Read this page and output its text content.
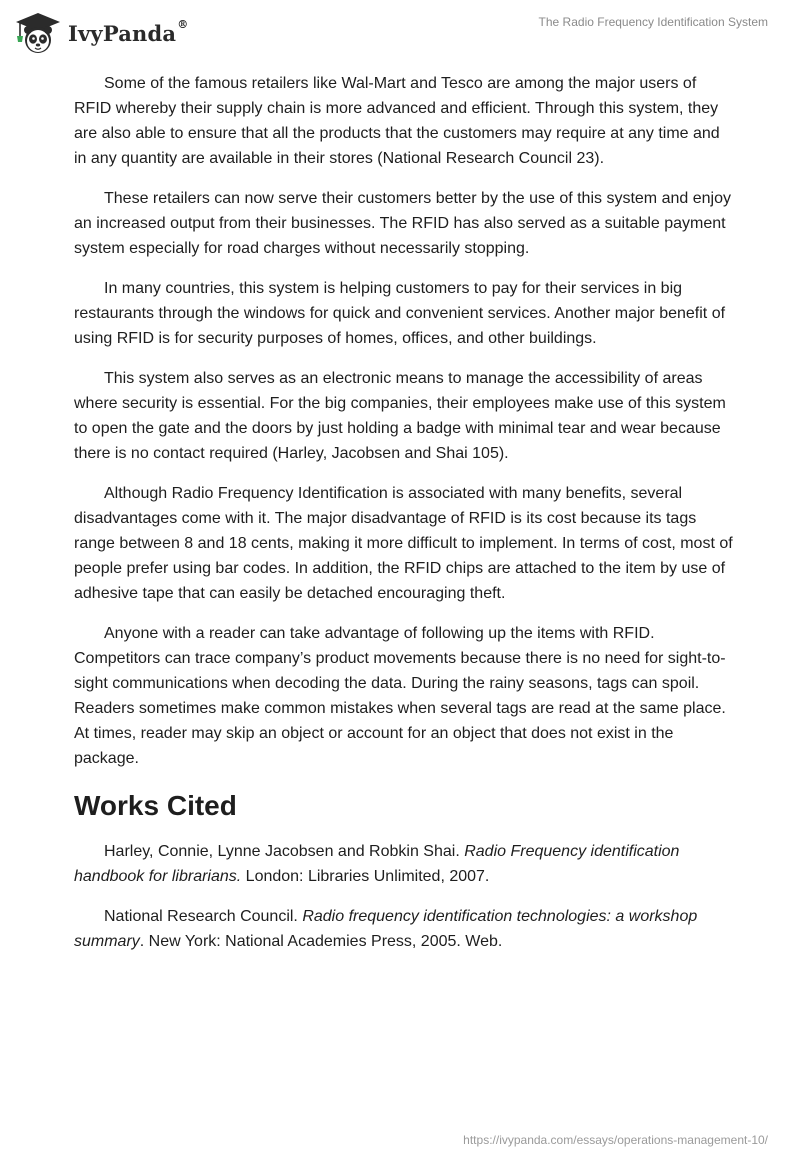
IvyPanda®	The Radio Frequency Identification System

Some of the famous retailers like Wal-Mart and Tesco are among the major users of RFID whereby their supply chain is more advanced and efficient. Through this system, they are also able to ensure that all the products that the customers may require at any time and in any quantity are available in their stores (National Research Council 23).

These retailers can now serve their customers better by the use of this system and enjoy an increased output from their businesses. The RFID has also served as a suitable payment system especially for road charges without necessarily stopping.

In many countries, this system is helping customers to pay for their services in big restaurants through the windows for quick and convenient services. Another major benefit of using RFID is for security purposes of homes, offices, and other buildings.

This system also serves as an electronic means to manage the accessibility of areas where security is essential. For the big companies, their employees make use of this system to open the gate and the doors by just holding a badge with minimal tear and wear because there is no contact required (Harley, Jacobsen and Shai 105).

Although Radio Frequency Identification is associated with many benefits, several disadvantages come with it. The major disadvantage of RFID is its cost because its tags range between 8 and 18 cents, making it more difficult to implement. In terms of cost, most of people prefer using bar codes. In addition, the RFID chips are attached to the item by use of adhesive tape that can easily be detached encouraging theft.

Anyone with a reader can take advantage of following up the items with RFID. Competitors can trace company’s product movements because there is no need for sight-to-sight communications when decoding the data. During the rainy seasons, tags can spoil. Readers sometimes make common mistakes when several tags are read at the same place. At times, reader may skip an object or account for an object that does not exist in the package.

Works Cited

Harley, Connie, Lynne Jacobsen and Robkin Shai. Radio Frequency identification handbook for librarians. London: Libraries Unlimited, 2007.

National Research Council. Radio frequency identification technologies: a workshop summary. New York: National Academies Press, 2005. Web.

https://ivypanda.com/essays/operations-management-10/
